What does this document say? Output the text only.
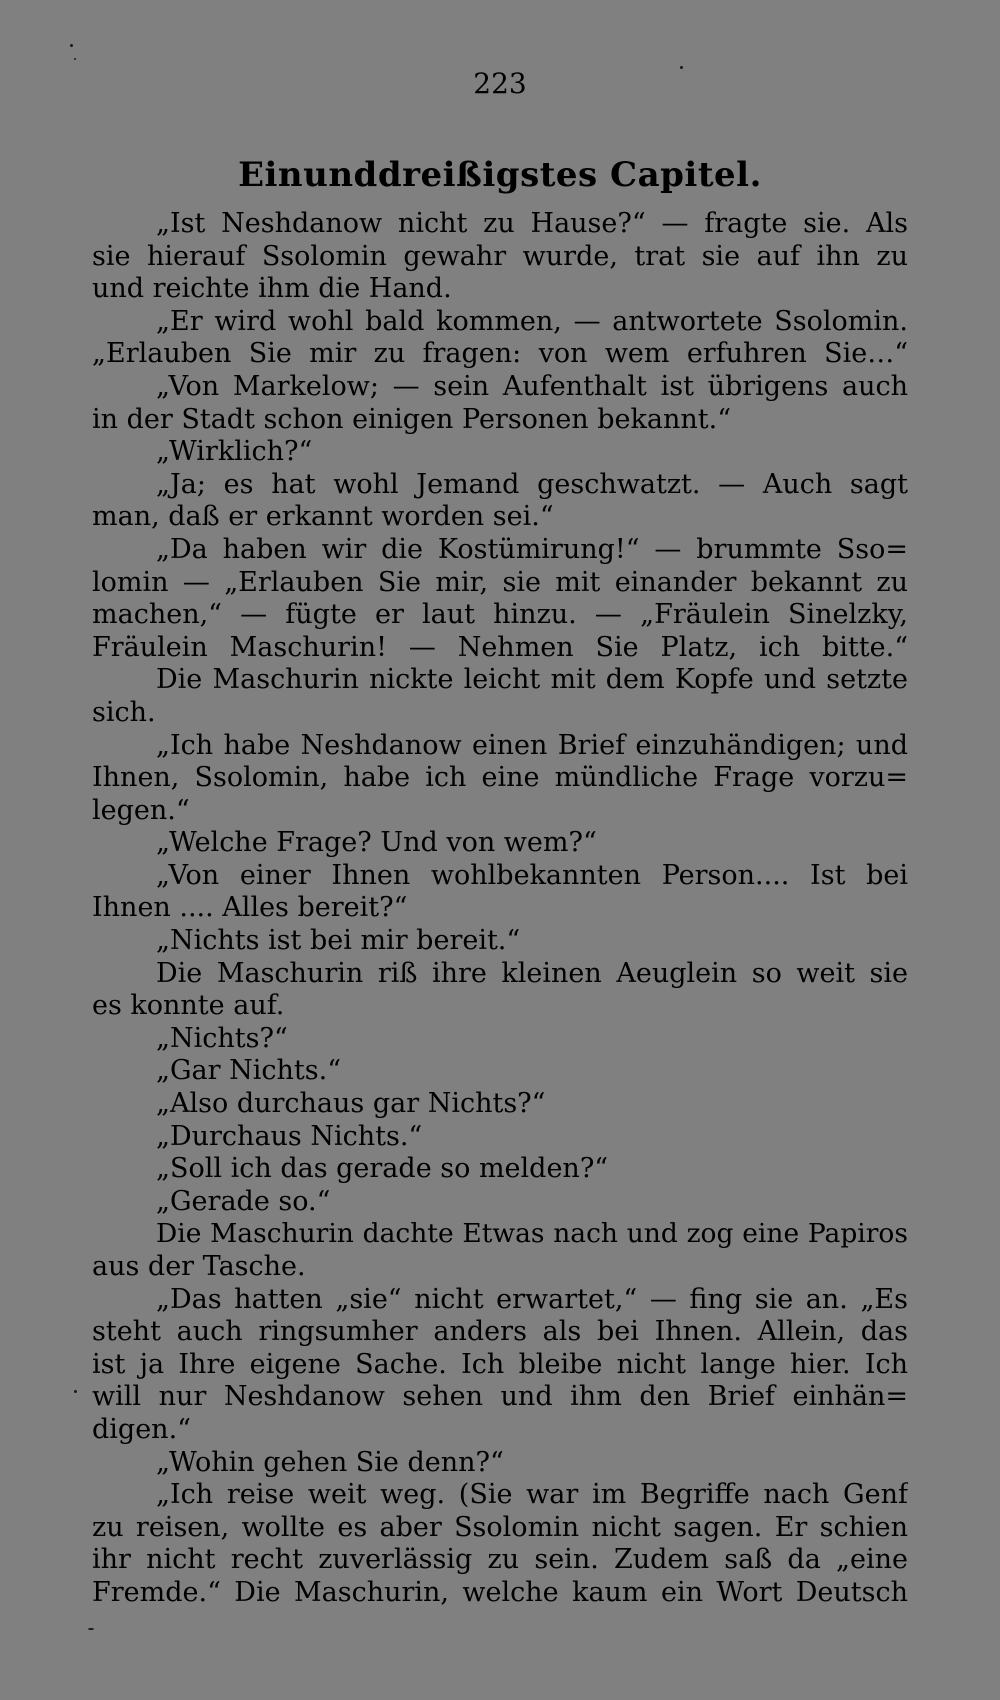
223
Einunddreißigstes Capitel.
„Ist Neshdanow nicht zu Hause?“ — fragte sie. Als
sie hierauf Ssolomin gewahr wurde, trat sie auf ihn zu
und reichte ihm die Hand.
„Er wird wohl bald kommen, — antwortete Ssolomin.
„Erlauben Sie mir zu fragen: von wem erfuhren Sie…“
„Von Markelow; — sein Aufenthalt ist übrigens auch
in der Stadt schon einigen Personen bekannt.“
„Wirklich?“
„Ja; es hat wohl Jemand geschwatzt. — Auch sagt
man, daß er erkannt worden sei.“
„Da haben wir die Kostümirung!“ — brummte Sso=
lomin — „Erlauben Sie mir, sie mit einander bekannt zu
machen,“ — fügte er laut hinzu. — „Fräulein Sinelzky,
Fräulein Maschurin! — Nehmen Sie Platz, ich bitte.“
Die Maschurin nickte leicht mit dem Kopfe und setzte
sich.
„Ich habe Neshdanow einen Brief einzuhändigen; und
Ihnen, Ssolomin, habe ich eine mündliche Frage vorzu=
legen.“
„Welche Frage? Und von wem?“
„Von einer Ihnen wohlbekannten Person.... Ist bei
Ihnen .... Alles bereit?“
„Nichts ist bei mir bereit.“
Die Maschurin riß ihre kleinen Aeuglein so weit sie
es konnte auf.
„Nichts?“
„Gar Nichts.“
„Also durchaus gar Nichts?“
„Durchaus Nichts.“
„Soll ich das gerade so melden?“
„Gerade so.“
Die Maschurin dachte Etwas nach und zog eine Papiros
aus der Tasche.
„Das hatten „sie“ nicht erwartet,“ — fing sie an. „Es
steht auch ringsumher anders als bei Ihnen. Allein, das
ist ja Ihre eigene Sache. Ich bleibe nicht lange hier. Ich
will nur Neshdanow sehen und ihm den Brief einhän=
digen.“
„Wohin gehen Sie denn?“
„Ich reise weit weg. (Sie war im Begriffe nach Genf
zu reisen, wollte es aber Ssolomin nicht sagen. Er schien
ihr nicht recht zuverlässig zu sein. Zudem saß da „eine
Fremde.“ Die Maschurin, welche kaum ein Wort Deutsch
